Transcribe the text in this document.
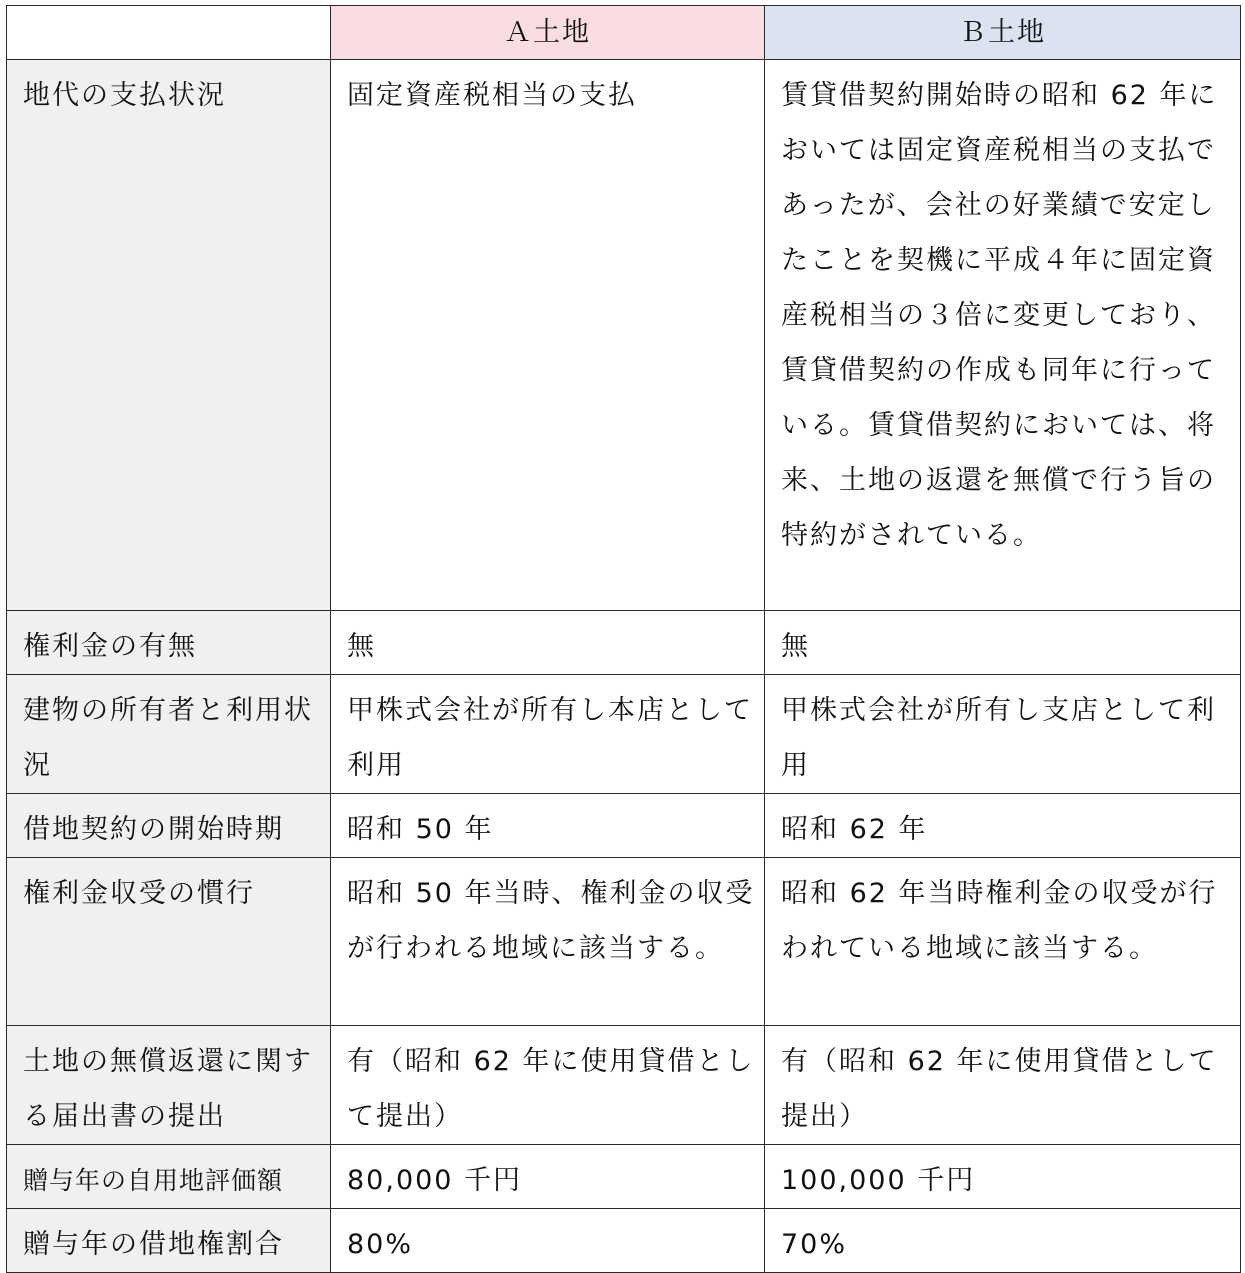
	Ａ土地	Ｂ土地
地代の支払状況	固定資産税相当の支払	賃貸借契約開始時の昭和 62 年においては固定資産税相当の支払であったが、会社の好業績で安定したことを契機に平成４年に固定資産税相当の３倍に変更しており、賃貸借契約の作成も同年に行っている。賃貸借契約においては、将来、土地の返還を無償で行う旨の特約がされている。
権利金の有無	無	無
建物の所有者と利用状況	甲株式会社が所有し本店として利用	甲株式会社が所有し支店として利用
借地契約の開始時期	昭和 50 年	昭和 62 年
権利金収受の慣行	昭和 50 年当時、権利金の収受が行われる地域に該当する。	昭和 62 年当時権利金の収受が行われている地域に該当する。
土地の無償返還に関する届出書の提出	有（昭和 62 年に使用貸借として提出）	有（昭和 62 年に使用貸借として提出）
贈与年の自用地評価額	80,000 千円	100,000 千円
贈与年の借地権割合	80%	70%
